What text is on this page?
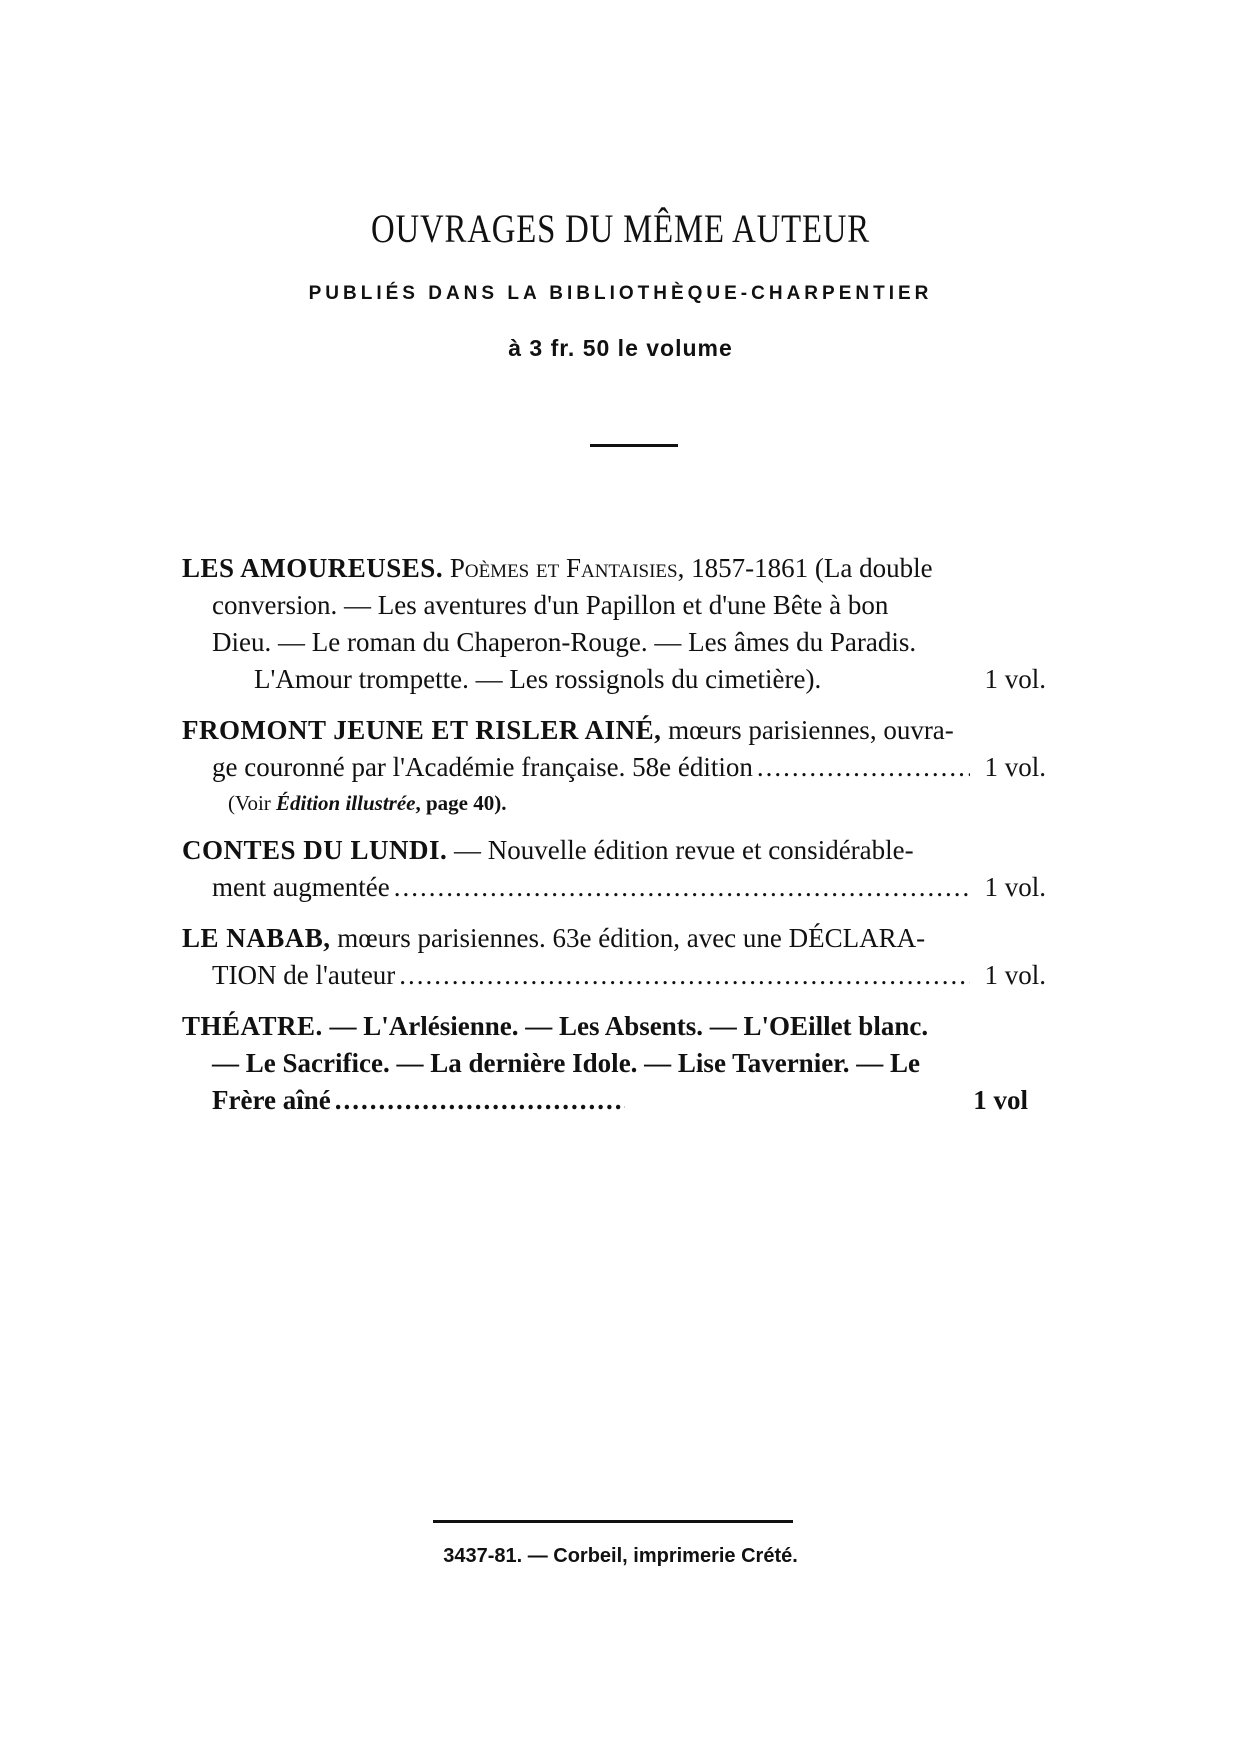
OUVRAGES DU MÊME AUTEUR
PUBLIÉS DANS LA BIBLIOTHÈQUE-CHARPENTIER
à 3 fr. 50 le volume
LES AMOUREUSES. Poèmes et Fantaisies, 1857-1861 (La double
conversion. — Les aventures d'un Papillon et d'une Bête à bon
Dieu. — Le roman du Chaperon-Rouge. — Les âmes du Paradis.
L'Amour trompette. — Les rossignols du cimetière).	1 vol.
FROMONT JEUNE ET RISLER AINÉ, mœurs parisiennes, ouvra-
ge couronné par l'Académie française. 58e édition .....	1 vol.
(Voir Édition illustrée, page 40).
CONTES DU LUNDI. — Nouvelle édition revue et considérable-
ment augmentée .....	1 vol.
LE NABAB, mœurs parisiennes. 63e édition, avec une DÉCLARA-
TION de l'auteur .....	1 vol.
THÉATRE. — L'Arlésienne. — Les Absents. — L'OEillet blanc.
— Le Sacrifice. — La dernière Idole. — Lise Tavernier. — Le
Frère aîné .....	1 vol
3437-81. — Corbeil, imprimerie Crété.
